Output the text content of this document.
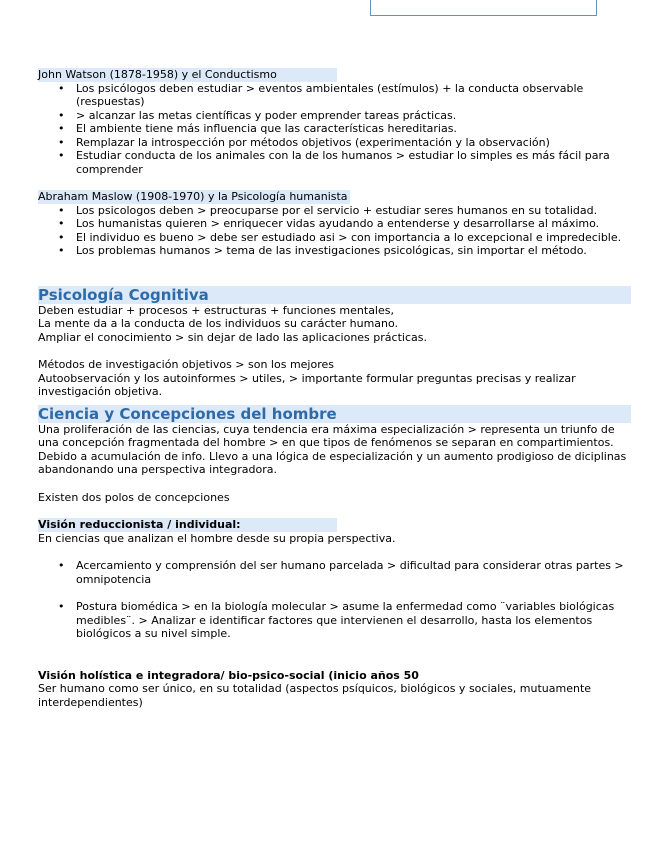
John Watson (1878-1958) y el Conductismo
• Los psicólogos deben estudiar > eventos ambientales (estímulos) + la conducta observable (respuestas)
• > alcanzar las metas científicas y poder emprender tareas prácticas.
• El ambiente tiene más influencia que las características hereditarias.
• Remplazar la introspección por métodos objetivos (experimentación y la observación)
• Estudiar conducta de los animales con la de los humanos > estudiar lo simples es más fácil para comprender
Abraham Maslow (1908-1970) y la Psicología humanista
• Los psicologos deben > preocuparse por el servicio + estudiar seres humanos en su totalidad.
• Los humanistas quieren > enriquecer vidas ayudando a entenderse y desarrollarse al máximo.
• El individuo es bueno > debe ser estudiado asi > con importancia a lo excepcional e impredecible.
• Los problemas humanos > tema de las investigaciones psicológicas, sin importar el método.
Psicología Cognitiva

Deben estudiar + procesos + estructuras + funciones mentales,

La mente da a la conducta de los individuos su carácter humano.

Ampliar el conocimiento > sin dejar de lado las aplicaciones prácticas.

Métodos de investigación objetivos > son los mejores

Autoobservación y los autoinformes > utiles, > importante formular preguntas precisas y realizar investigación objetiva.

Ciencia y Concepciones del hombre

Una proliferación de las ciencias, cuya tendencia era máxima especialización > representa un triunfo de una concepción fragmentada del hombre > en que tipos de fenómenos se separan en compartimientos. Debido a acumulación de info. Llevo a una lógica de especialización y un aumento prodigioso de diciplinas abandonando una perspectiva integradora.

Existen dos polos de concepciones

Visión reduccionista / individual:

En ciencias que analizan el hombre desde su propia perspectiva.

• Acercamiento y comprensión del ser humano parcelada > dificultad para considerar otras partes > omnipotencia
• Postura biomédica > en la biología molecular > asume la enfermedad como ¨variables biológicas medibles¨. > Analizar e identificar factores que intervienen el desarrollo, hasta los elementos biológicos a su nivel simple.

Visión holística e integradora/ bio-psico-social (inicio años 50

Ser humano como ser único, en su totalidad (aspectos psíquicos, biológicos y sociales, mutuamente interdependientes)
